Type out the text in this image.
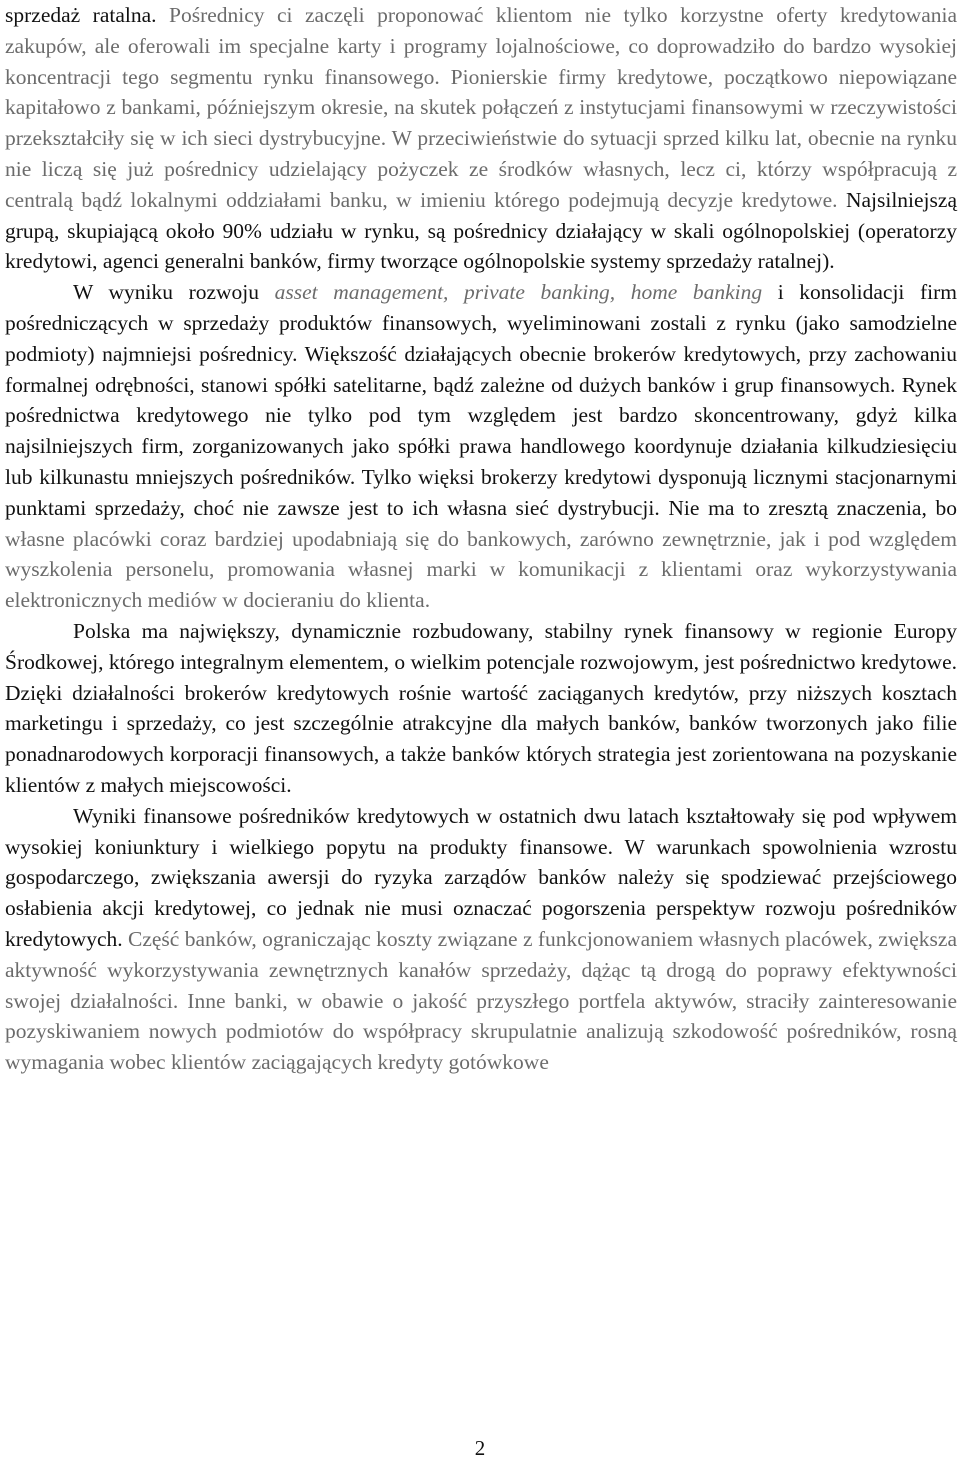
sprzedaż ratalna. Pośrednicy ci zaczęli proponować klientom nie tylko korzystne oferty kredytowania zakupów, ale oferowali im specjalne karty i programy lojalnościowe, co doprowadziło do bardzo wysokiej koncentracji tego segmentu rynku finansowego. Pionierskie firmy kredytowe, początkowo niepowiązane kapitałowo z bankami, późniejszym okresie, na skutek połączeń z instytucjami finansowymi w rzeczywistości przekształciły się w ich sieci dystrybucyjne. W przeciwieństwie do sytuacji sprzed kilku lat, obecnie na rynku nie liczą się już pośrednicy udzielający pożyczek ze środków własnych, lecz ci, którzy współpracują z centralą bądź lokalnymi oddziałami banku, w imieniu którego podejmują decyzje kredytowe. Najsilniejszą grupą, skupiającą około 90% udziału w rynku, są pośrednicy działający w skali ogólnopolskiej (operatorzy kredytowi, agenci generalni banków, firmy tworzące ogólnopolskie systemy sprzedaży ratalnej).

W wyniku rozwoju asset management, private banking, home banking i konsolidacji firm pośredniczących w sprzedaży produktów finansowych, wyeliminowani zostali z rynku (jako samodzielne podmioty) najmniejsi pośrednicy. Większość działających obecnie brokerów kredytowych, przy zachowaniu formalnej odrębności, stanowi spółki satelitarne, bądź zależne od dużych banków i grup finansowych. Rynek pośrednictwa kredytowego nie tylko pod tym względem jest bardzo skoncentrowany, gdyż kilka najsilniejszych firm, zorganizowanych jako spółki prawa handlowego koordynuje działania kilkudziesięciu lub kilkunastu mniejszych pośredników. Tylko więksi brokerzy kredytowi dysponują licznymi stacjonarnymi punktami sprzedaży, choć nie zawsze jest to ich własna sieć dystrybucji. Nie ma to zresztą znaczenia, bo własne placówki coraz bardziej upodabniają się do bankowych, zarówno zewnętrznie, jak i pod względem wyszkolenia personelu, promowania własnej marki w komunikacji z klientami oraz wykorzystywania elektronicznych mediów w docieraniu do klienta.

Polska ma największy, dynamicznie rozbudowany, stabilny rynek finansowy w regionie Europy Środkowej, którego integralnym elementem, o wielkim potencjale rozwojowym, jest pośrednictwo kredytowe. Dzięki działalności brokerów kredytowych rośnie wartość zaciąganych kredytów, przy niższych kosztach marketingu i sprzedaży, co jest szczególnie atrakcyjne dla małych banków, banków tworzonych jako filie ponadnarodowych korporacji finansowych, a także banków których strategia jest zorientowana na pozyskanie klientów z małych miejscowości.

Wyniki finansowe pośredników kredytowych w ostatnich dwu latach kształtowały się pod wpływem wysokiej koniunktury i wielkiego popytu na produkty finansowe. W warunkach spowolnienia wzrostu gospodarczego, zwiększania awersji do ryzyka zarządów banków należy się spodziewać przejściowego osłabienia akcji kredytowej, co jednak nie musi oznaczać pogorszenia perspektyw rozwoju pośredników kredytowych. Część banków, ograniczając koszty związane z funkcjonowaniem własnych placówek, zwiększa aktywność wykorzystywania zewnętrznych kanałów sprzedaży, dążąc tą drogą do poprawy efektywności swojej działalności. Inne banki, w obawie o jakość przyszłego portfela aktywów, straciły zainteresowanie pozyskiwaniem nowych podmiotów do współpracy skrupulatnie analizują szkodowość pośredników, rosną wymagania wobec klientów zaciągających kredyty gotówkowe

2
